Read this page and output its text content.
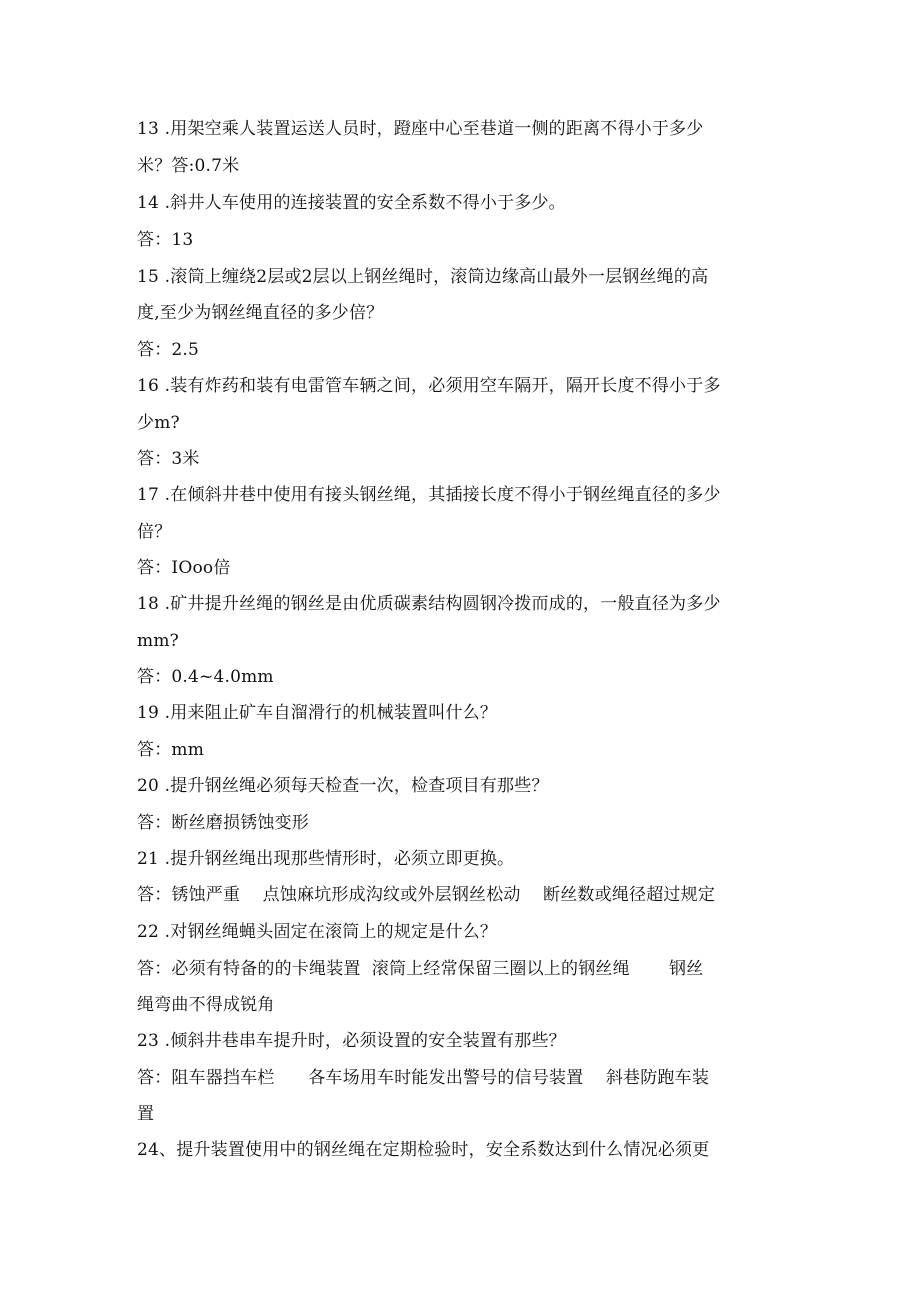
13 .用架空乘人装置运送人员时，蹬座中心至巷道一侧的距离不得小于多少
米？答:0.7米
14 .斜井人车使用的连接装置的安全系数不得小于多少。
答：13
15 .滚筒上缠绕2层或2层以上钢丝绳时，滚筒边缘高山最外一层钢丝绳的高
度,至少为钢丝绳直径的多少倍？
答：2.5
16 .装有炸药和装有电雷管车辆之间，必须用空车隔开，隔开长度不得小于多
少m?
答：3米
17 .在倾斜井巷中使用有接头钢丝绳，其插接长度不得小于钢丝绳直径的多少
倍？
答：IOoo倍
18 .矿井提升丝绳的钢丝是由优质碳素结构圆钢冷拨而成的，一般直径为多少
mm?
答：0.4~4.0mm
19 .用来阻止矿车自溜滑行的机械装置叫什么？
答：mm
20 .提升钢丝绳必须每天检查一次，检查项目有那些？
答：断丝磨损锈蚀变形
21 .提升钢丝绳出现那些情形时，必须立即更换。
答：锈蚀严重    点蚀麻坑形成沟纹或外层钢丝松动    断丝数或绳径超过规定
22 .对钢丝绳蝇头固定在滚筒上的规定是什么？
答：必须有特备的的卡绳装置  滚筒上经常保留三圈以上的钢丝绳       钢丝
绳弯曲不得成锐角
23 .倾斜井巷串车提升时，必须设置的安全装置有那些？
答：阻车器挡车栏      各车场用车时能发出警号的信号装置    斜巷防跑车装
置
24、提升装置使用中的钢丝绳在定期检验时，安全系数达到什么情况必须更
